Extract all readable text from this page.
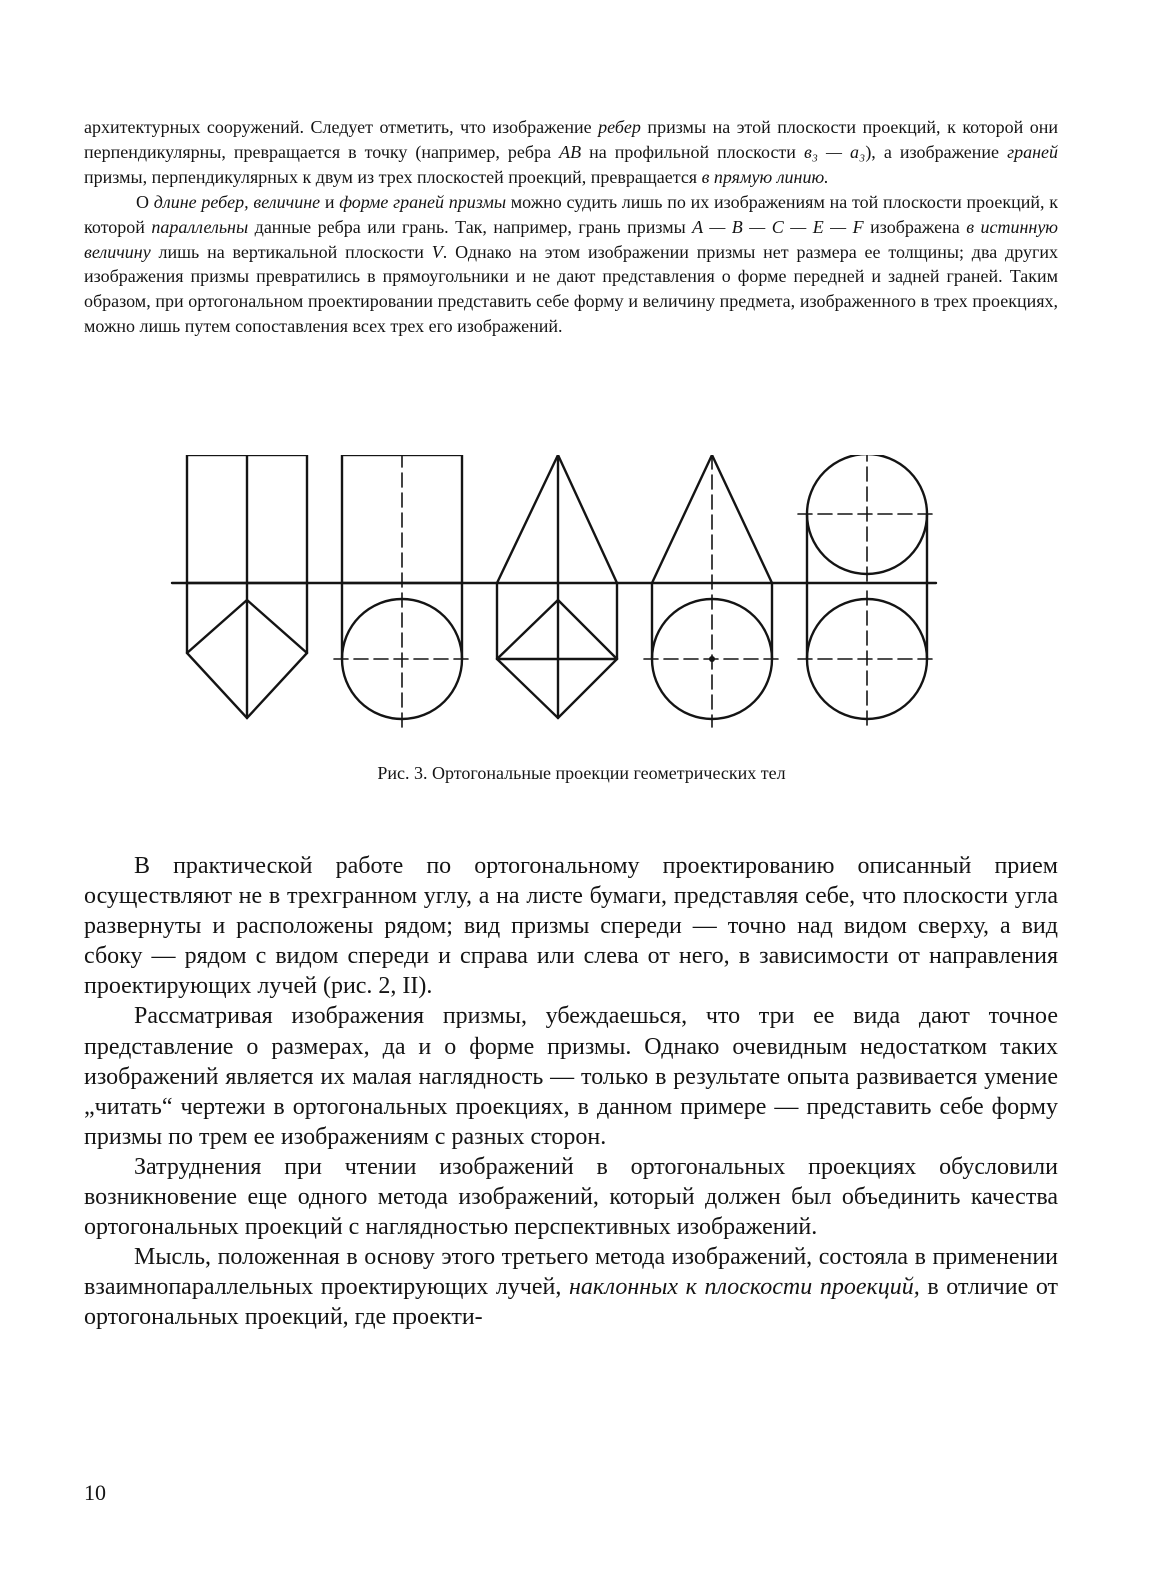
архитектурных сооружений. Следует отметить, что изображение ребер призмы на этой плоскости проекций, к которой они перпендикулярны, превращается в точку (например, ребра AB на профильной плоскости в₃ — а₃), а изображение граней призмы, перпендикулярных к двум из трех плоскостей проекций, превращается в прямую линию.

О длине ребер, величине и форме граней призмы можно судить лишь по их изображениям на той плоскости проекций, к которой параллельны данные ребра или грань. Так, например, грань призмы A — B — C — E — F изображена в истинную величину лишь на вертикальной плоскости V. Однако на этом изображении призмы нет размера ее толщины; два других изображения призмы превратились в прямоугольники и не дают представления о форме передней и задней граней. Таким образом, при ортогональном проектировании представить себе форму и величину предмета, изображенного в трех проекциях, можно лишь путем сопоставления всех трех его изображений.

Рис. 3. Ортогональные проекции геометрических тел

В практической работе по ортогональному проектированию описанный прием осуществляют не в трехгранном углу, а на листе бумаги, представляя себе, что плоскости угла развернуты и расположены рядом; вид призмы спереди — точно над видом сверху, а вид сбоку — рядом с видом спереди и справа или слева от него, в зависимости от направления проектирующих лучей (рис. 2, II).

Рассматривая изображения призмы, убеждаешься, что три ее вида дают точное представление о размерах, да и о форме призмы. Однако очевидным недостатком таких изображений является их малая наглядность — только в результате опыта развивается умение „читать“ чертежи в ортогональных проекциях, в данном примере — представить себе форму призмы по трем ее изображениям с разных сторон.

Затруднения при чтении изображений в ортогональных проекциях обусловили возникновение еще одного метода изображений, который должен был объединить качества ортогональных проекций с наглядностью перспективных изображений.

Мысль, положенная в основу этого третьего метода изображений, состояла в применении взаимнопараллельных проектирующих лучей, наклонных к плоскости проекций, в отличие от ортогональных проекций, где проекти-

10
